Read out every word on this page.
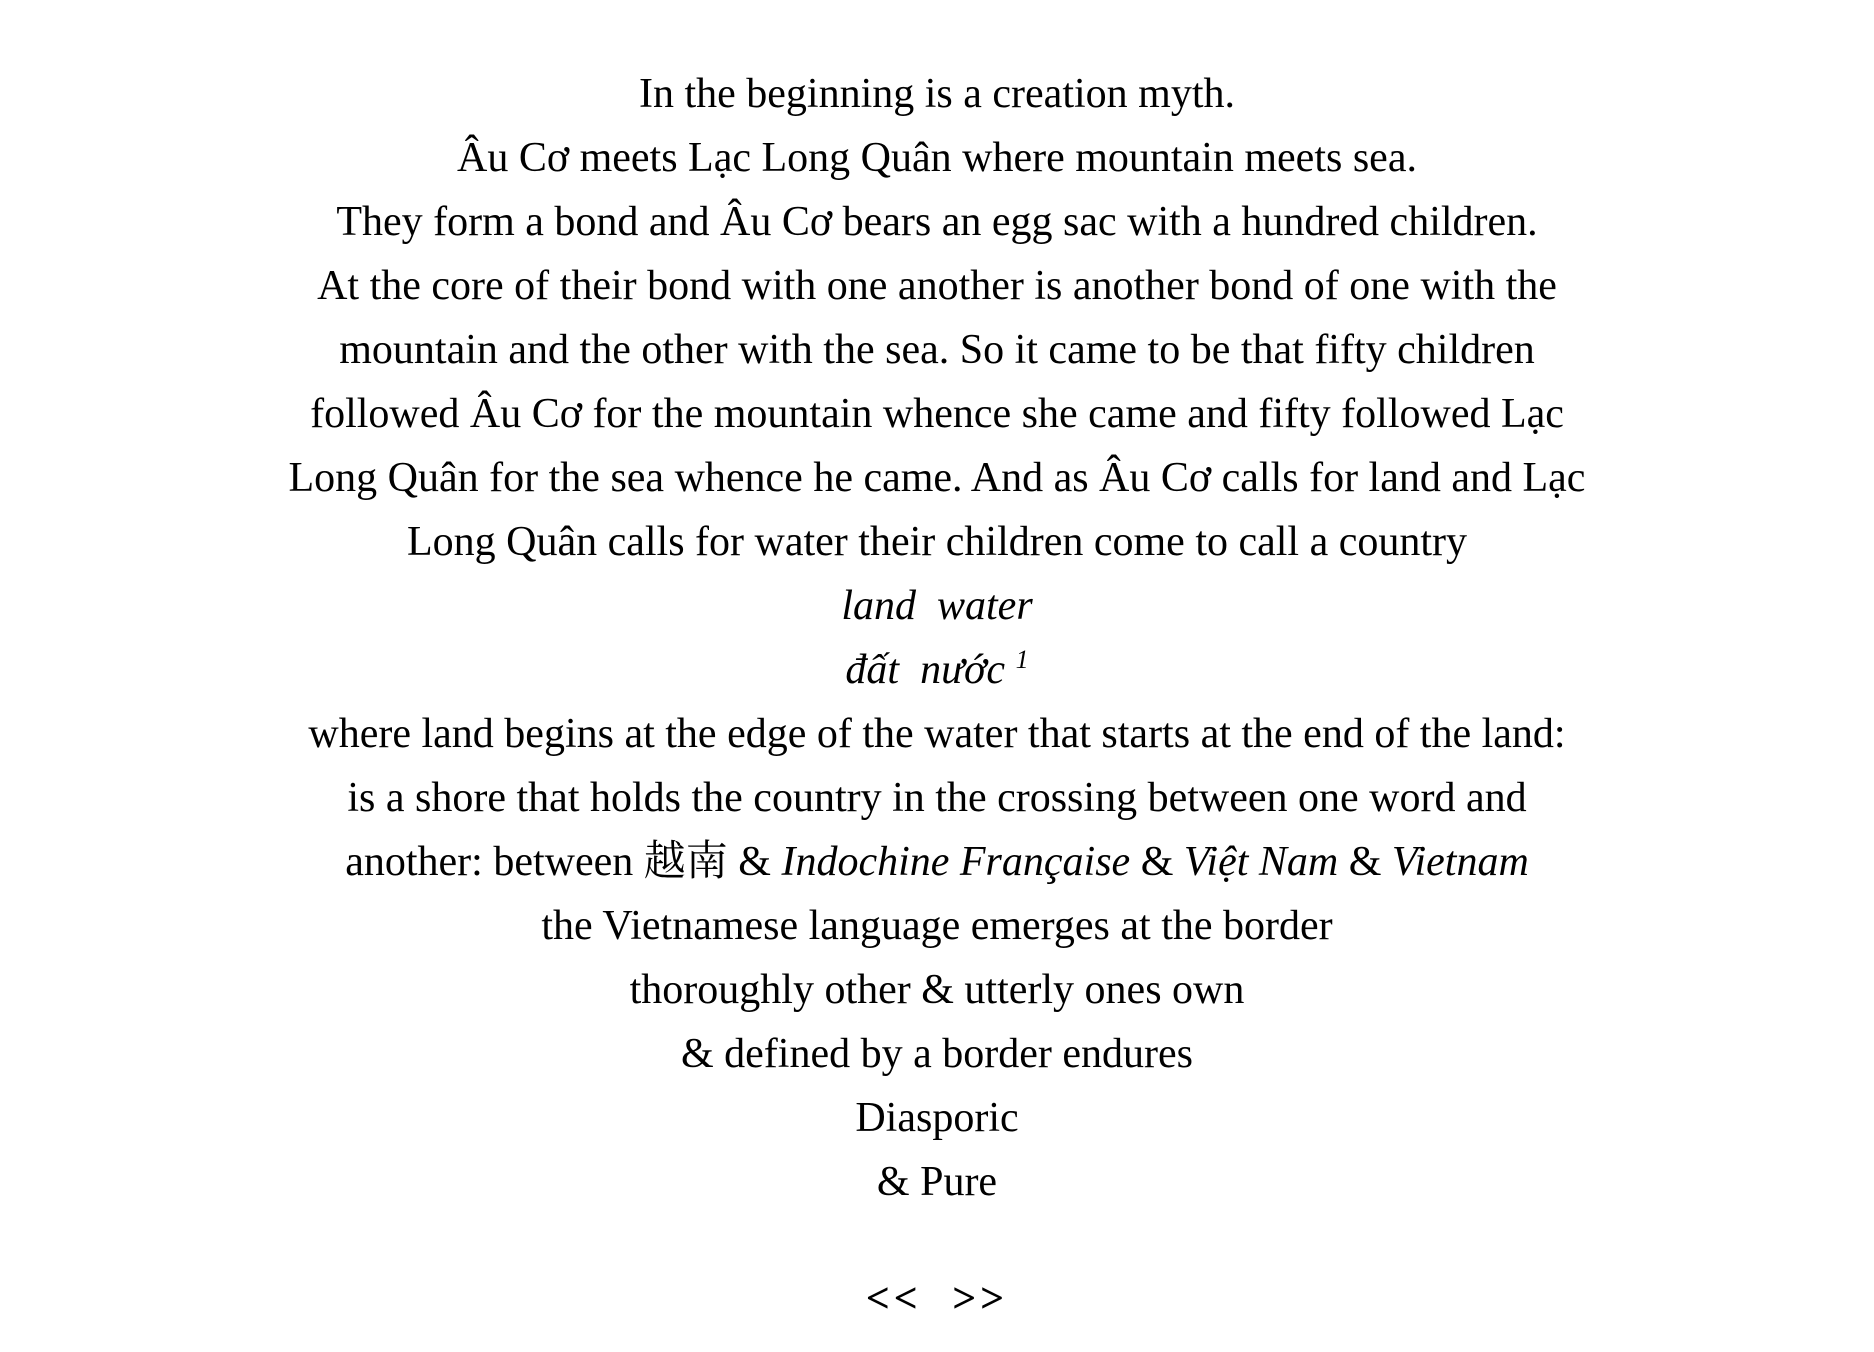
In the beginning is a creation myth.
Âu Cơ meets Lạc Long Quân where mountain meets sea.
They form a bond and Âu Cơ bears an egg sac with a hundred children.
At the core of their bond with one another is another bond of one with the
mountain and the other with the sea. So it came to be that fifty children
followed Âu Cơ for the mountain whence she came and fifty followed Lạc
Long Quân for the sea whence he came. And as Âu Cơ calls for land and Lạc
Long Quân calls for water their children come to call a country
land  water
đất  nước $^1$
where land begins at the edge of the water that starts at the end of the land:
is a shore that holds the country in the crossing between one word and
another: between 越南 & Indochine Française & Việt Nam & Vietnam
the Vietnamese language emerges at the border
thoroughly other & utterly ones own
& defined by a border endures
Diasporic
& Pure
<< >>
